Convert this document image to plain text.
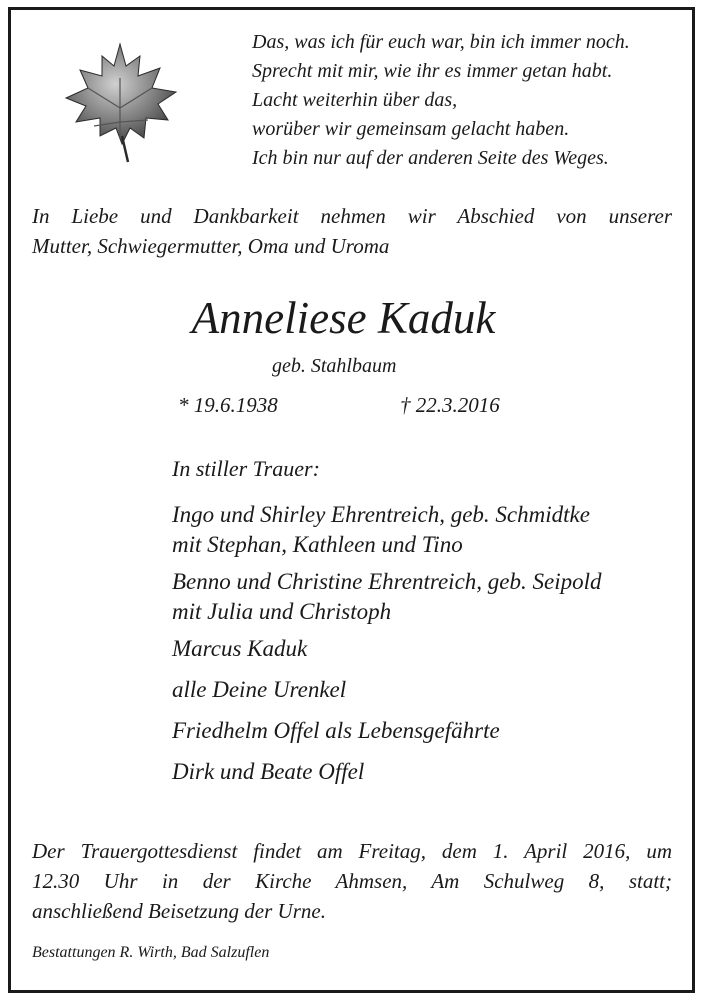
Das, was ich für euch war, bin ich immer noch.
Sprecht mit mir, wie ihr es immer getan habt.
Lacht weiterhin über das,
worüber wir gemeinsam gelacht haben.
Ich bin nur auf der anderen Seite des Weges.

In Liebe und Dankbarkeit nehmen wir Abschied von unserer
Mutter, Schwiegermutter, Oma und Uroma

Anneliese Kaduk
geb. Stahlbaum
* 19.6.1938	† 22.3.2016
In stiller Trauer:
Ingo und Shirley Ehrentreich, geb. Schmidtke
mit Stephan, Kathleen und Tino
Benno und Christine Ehrentreich, geb. Seipold
mit Julia und Christoph
Marcus Kaduk
alle Deine Urenkel
Friedhelm Offel als Lebensgefährte
Dirk und Beate Offel

Der Trauergottesdienst findet am Freitag, dem 1. April 2016, um
12.30 Uhr in der Kirche Ahmsen, Am Schulweg 8, statt;
anschließend Beisetzung der Urne.

Bestattungen R. Wirth, Bad Salzuflen
